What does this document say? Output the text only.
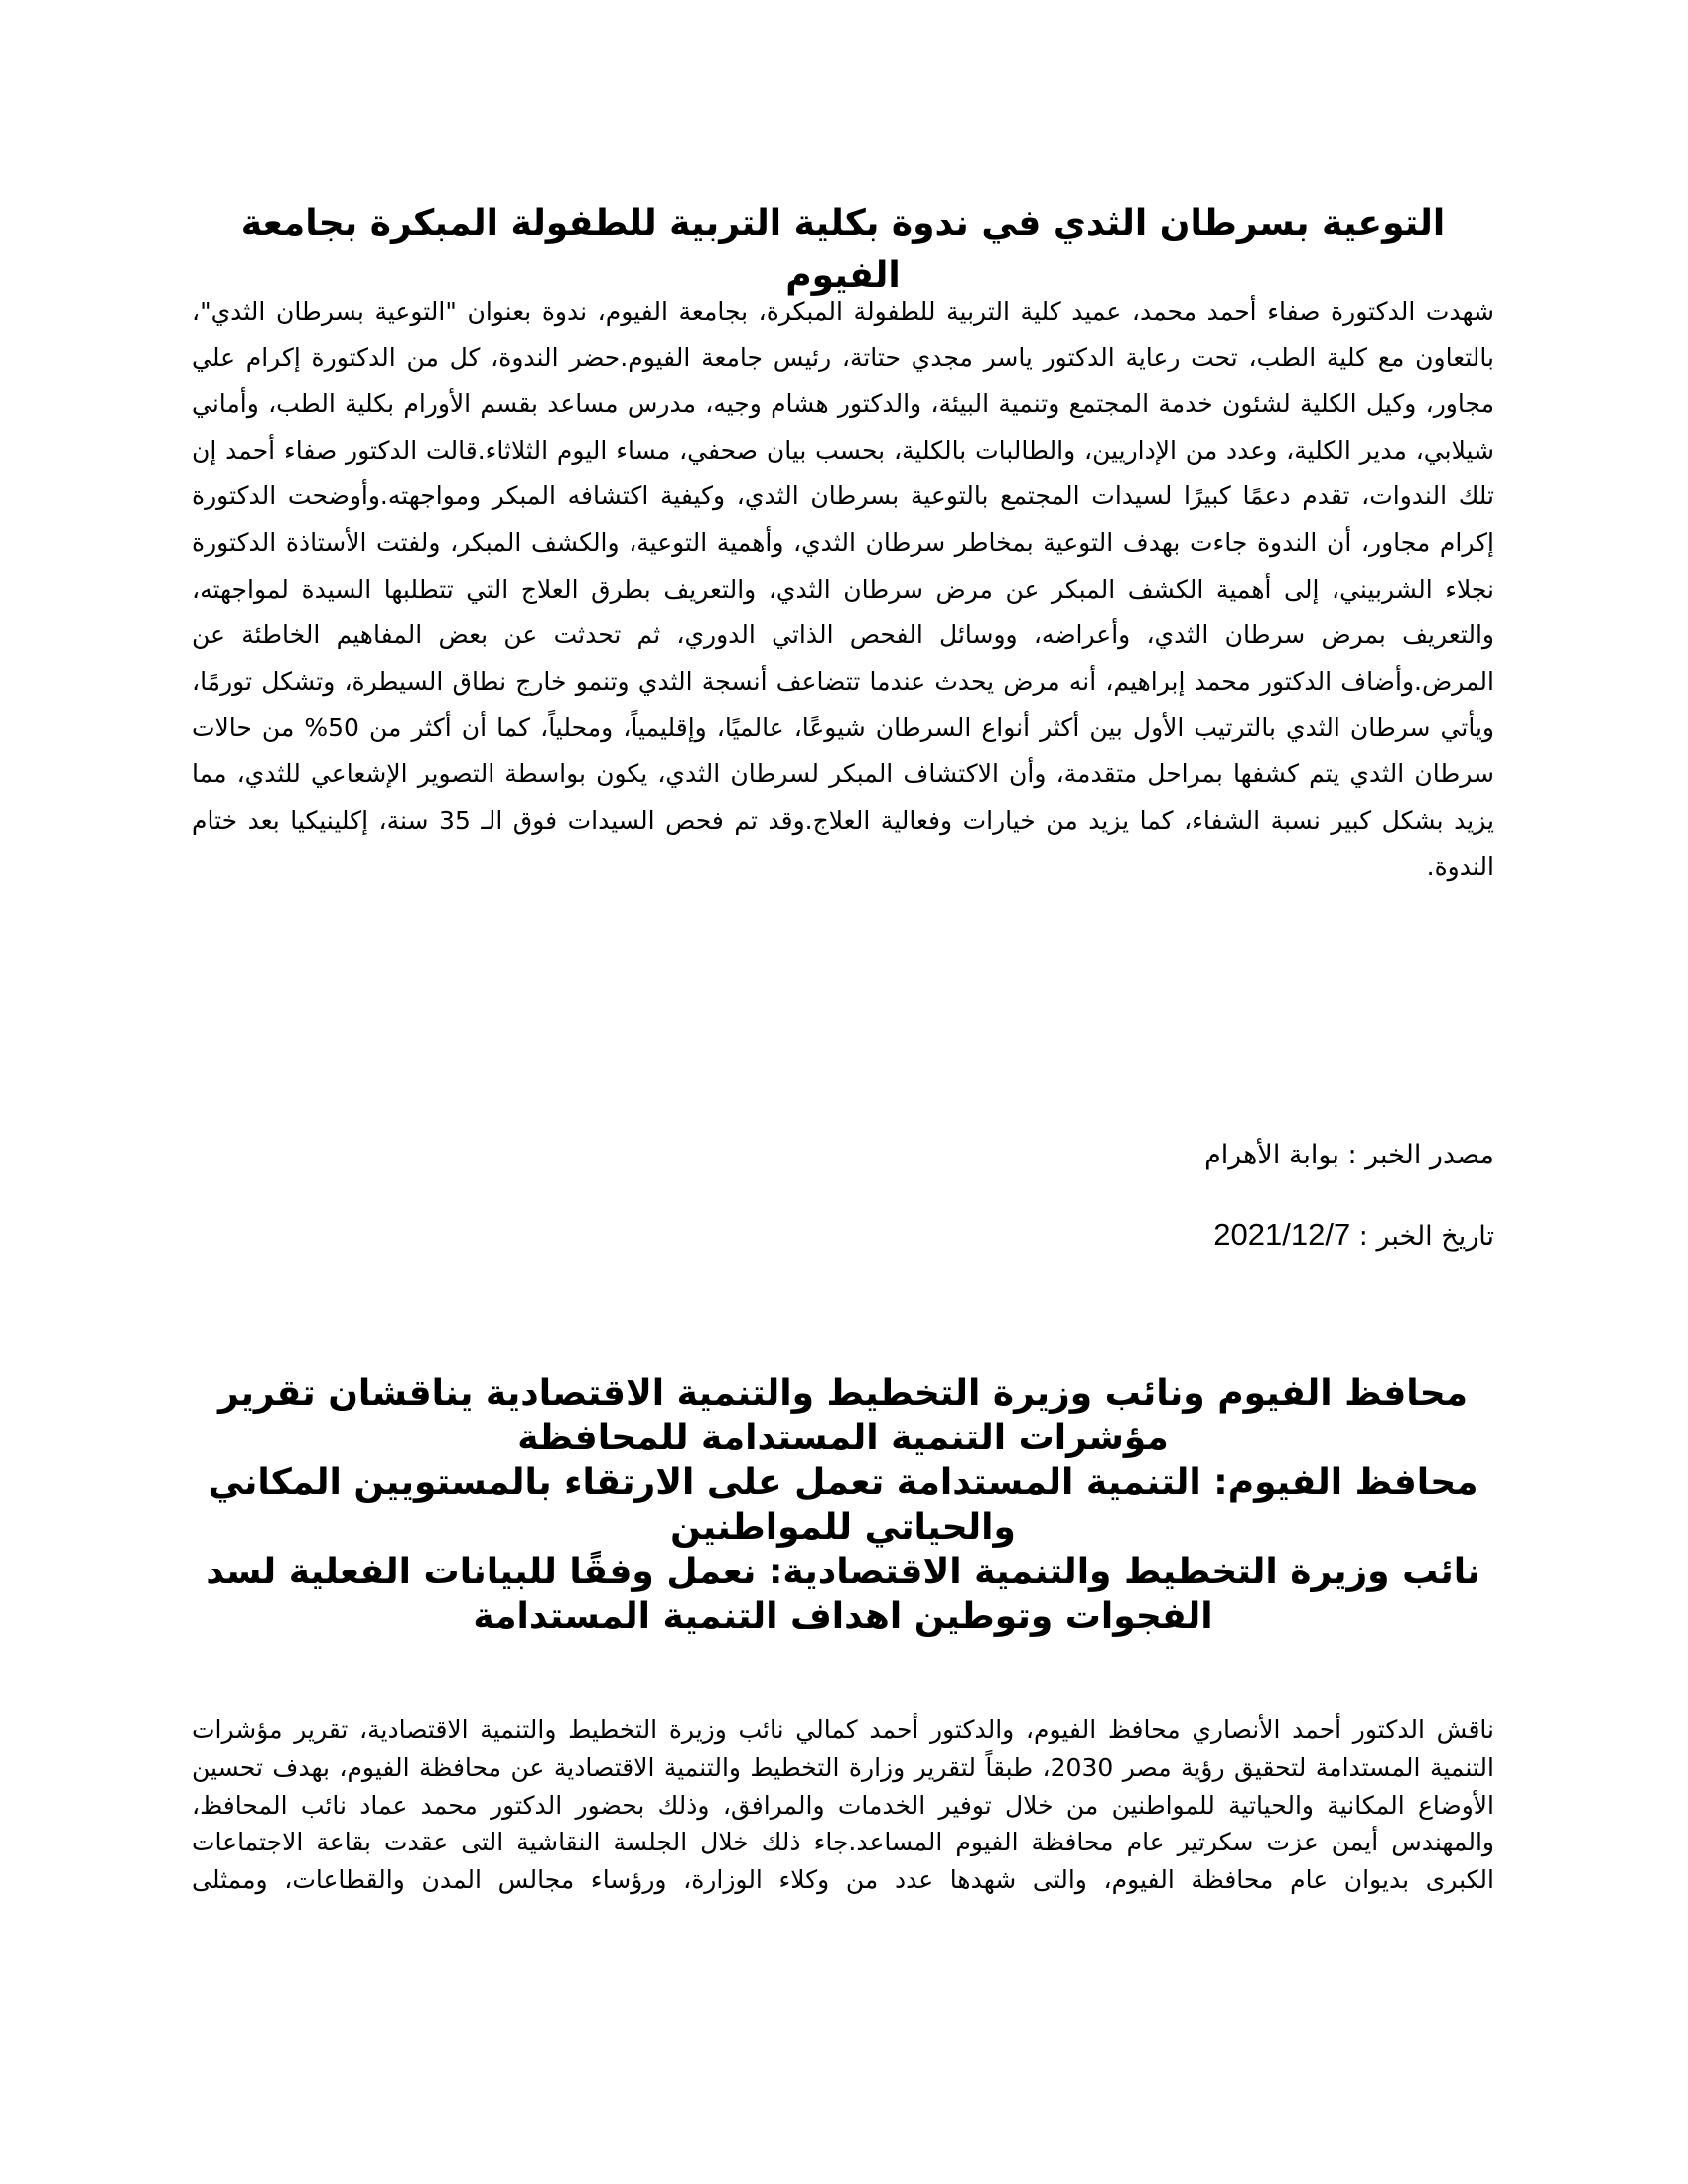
التوعية بسرطان الثدي في ندوة بكلية التربية للطفولة المبكرة بجامعة الفيوم

شهدت الدكتورة صفاء أحمد محمد، عميد كلية التربية للطفولة المبكرة، بجامعة الفيوم، ندوة بعنوان "التوعية بسرطان الثدي"، بالتعاون مع كلية الطب، تحت رعاية الدكتور ياسر مجدي حتاتة، رئيس جامعة الفيوم.حضر الندوة، كل من الدكتورة إكرام علي مجاور، وكيل الكلية لشئون خدمة المجتمع وتنمية البيئة، والدكتور هشام وجيه، مدرس مساعد بقسم الأورام بكلية الطب، وأماني شيلابي، مدير الكلية، وعدد من الإداريين، والطالبات بالكلية، بحسب بيان صحفي، مساء اليوم الثلاثاء.قالت الدكتور صفاء أحمد إن تلك الندوات، تقدم دعمًا كبيرًا لسيدات المجتمع بالتوعية بسرطان الثدي، وكيفية اكتشافه المبكر ومواجهته.وأوضحت الدكتورة إكرام مجاور، أن الندوة جاءت بهدف التوعية بمخاطر سرطان الثدي، وأهمية التوعية، والكشف المبكر، ولفتت الأستاذة الدكتورة نجلاء الشربيني، إلى أهمية الكشف المبكر عن مرض سرطان الثدي، والتعريف بطرق العلاج التي تتطلبها السيدة لمواجهته، والتعريف بمرض سرطان الثدي، وأعراضه، ووسائل الفحص الذاتي الدوري، ثم تحدثت عن بعض المفاهيم الخاطئة عن المرض.وأضاف الدكتور محمد إبراهيم، أنه مرض يحدث عندما تتضاعف أنسجة الثدي وتنمو خارج نطاق السيطرة، وتشكل تورمًا، ويأتي سرطان الثدي بالترتيب الأول بين أكثر أنواع السرطان شيوعًا، عالميًا، وإقليمياً، ومحلياً، كما أن أكثر من 50% من حالات سرطان الثدي يتم كشفها بمراحل متقدمة، وأن الاكتشاف المبكر لسرطان الثدي، يكون بواسطة التصوير الإشعاعي للثدي، مما يزيد بشكل كبير نسبة الشفاء، كما يزيد من خيارات وفعالية العلاج.وقد تم فحص السيدات فوق الـ 35 سنة، إكلينيكيا بعد ختام الندوة.

مصدر الخبر : بوابة الأهرام

تاريخ الخبر : 2021/12/7

محافظ الفيوم ونائب وزيرة التخطيط والتنمية الاقتصادية يناقشان تقرير مؤشرات التنمية المستدامة للمحافظة
محافظ الفيوم: التنمية المستدامة تعمل على الارتقاء بالمستويين المكاني والحياتي للمواطنين
نائب وزيرة التخطيط والتنمية الاقتصادية: نعمل وفقًا للبيانات الفعلية لسد الفجوات وتوطين اهداف التنمية المستدامة

ناقش الدكتور أحمد الأنصاري محافظ الفيوم، والدكتور أحمد كمالي نائب وزيرة التخطيط والتنمية الاقتصادية، تقرير مؤشرات التنمية المستدامة لتحقيق رؤية مصر 2030، طبقاً لتقرير وزارة التخطيط والتنمية الاقتصادية عن محافظة الفيوم، بهدف تحسين الأوضاع المكانية والحياتية للمواطنين من خلال توفير الخدمات والمرافق، وذلك بحضور الدكتور محمد عماد نائب المحافظ، والمهندس أيمن عزت سكرتير عام محافظة الفيوم المساعد.جاء ذلك خلال الجلسة النقاشية التى عقدت بقاعة الاجتماعات الكبرى بديوان عام محافظة الفيوم، والتى شهدها عدد من وكلاء الوزارة، ورؤساء مجالس المدن والقطاعات، وممثلى
